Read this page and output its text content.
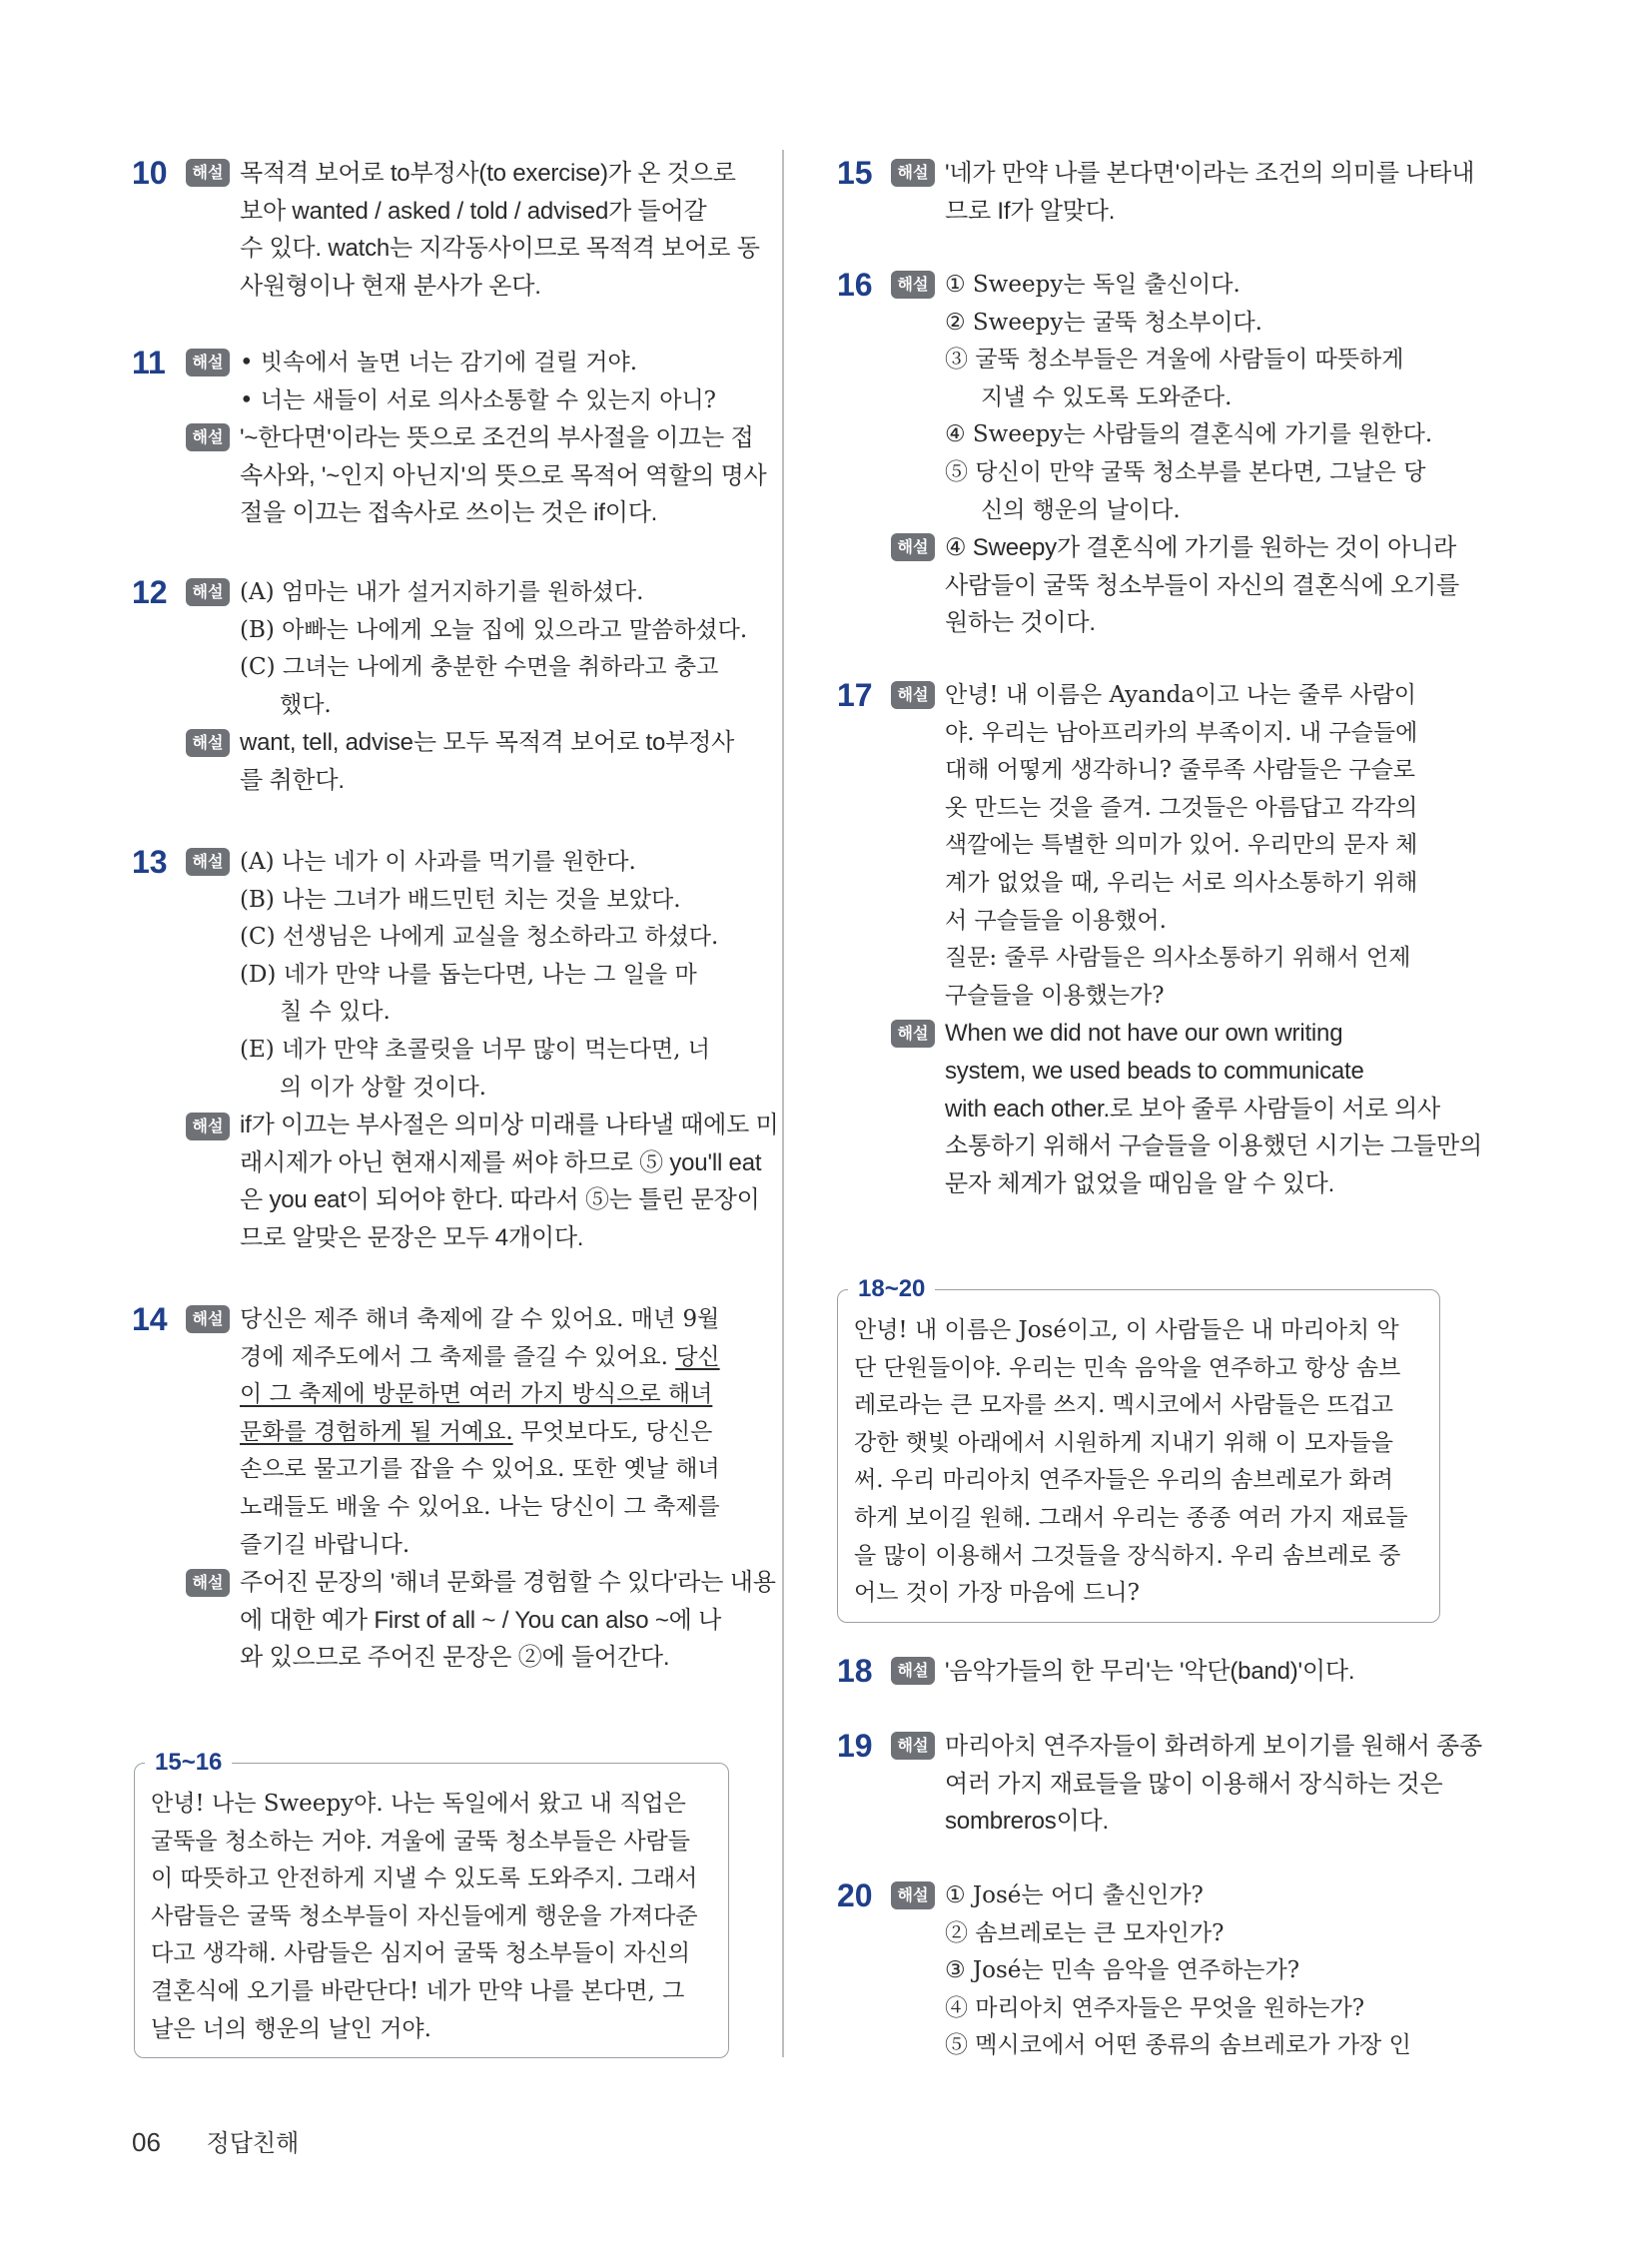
10	해설 목적격 보어로 to부정사(to exercise)가 온 것으로
보아 wanted / asked / told / advised가 들어갈
수 있다. watch는 지각동사이므로 목적격 보어로 동
사원형이나 현재 분사가 온다.
11	해설 • 빗속에서 놀면 너는 감기에 걸릴 거야.
• 너는 새들이 서로 의사소통할 수 있는지 아니?
해설 '~한다면'이라는 뜻으로 조건의 부사절을 이끄는 접
속사와, '~인지 아닌지'의 뜻으로 목적어 역할의 명사
절을 이끄는 접속사로 쓰이는 것은 if이다.
12	해설 (A) 엄마는 내가 설거지하기를 원하셨다.
(B) 아빠는 나에게 오늘 집에 있으라고 말씀하셨다.
(C) 그녀는 나에게 충분한 수면을 취하라고 충고
했다.
해설 want, tell, advise는 모두 목적격 보어로 to부정사
를 취한다.
13	해설 (A) 나는 네가 이 사과를 먹기를 원한다.
(B) 나는 그녀가 배드민턴 치는 것을 보았다.
(C) 선생님은 나에게 교실을 청소하라고 하셨다.
(D) 네가 만약 나를 돕는다면, 나는 그 일을 마
칠 수 있다.
(E) 네가 만약 초콜릿을 너무 많이 먹는다면, 너
의 이가 상할 것이다.
해설 if가 이끄는 부사절은 의미상 미래를 나타낼 때에도 미
래시제가 아닌 현재시제를 써야 하므로 ⑤ you'll eat
은 you eat이 되어야 한다. 따라서 ⑤는 틀린 문장이
므로 알맞은 문장은 모두 4개이다.
14	해설 당신은 제주 해녀 축제에 갈 수 있어요. 매년 9월
경에 제주도에서 그 축제를 즐길 수 있어요. 당신
이 그 축제에 방문하면 여러 가지 방식으로 해녀
문화를 경험하게 될 거예요. 무엇보다도, 당신은
손으로 물고기를 잡을 수 있어요. 또한 옛날 해녀
노래들도 배울 수 있어요. 나는 당신이 그 축제를
즐기길 바랍니다.
해설 주어진 문장의 '해녀 문화를 경험할 수 있다'라는 내용
에 대한 예가 First of all ~ / You can also ~에 나
와 있으므로 주어진 문장은 ②에 들어간다.
15~16
안녕! 나는 Sweepy야. 나는 독일에서 왔고 내 직업은
굴뚝을 청소하는 거야. 겨울에 굴뚝 청소부들은 사람들
이 따뜻하고 안전하게 지낼 수 있도록 도와주지. 그래서
사람들은 굴뚝 청소부들이 자신들에게 행운을 가져다준
다고 생각해. 사람들은 심지어 굴뚝 청소부들이 자신의
결혼식에 오기를 바란단다! 네가 만약 나를 본다면, 그
날은 너의 행운의 날인 거야.
15	해설 '네가 만약 나를 본다면'이라는 조건의 의미를 나타내
므로 If가 알맞다.
16	해설 ① Sweepy는 독일 출신이다.
② Sweepy는 굴뚝 청소부이다.
③ 굴뚝 청소부들은 겨울에 사람들이 따뜻하게
지낼 수 있도록 도와준다.
④ Sweepy는 사람들의 결혼식에 가기를 원한다.
⑤ 당신이 만약 굴뚝 청소부를 본다면, 그날은 당
신의 행운의 날이다.
해설 ④ Sweepy가 결혼식에 가기를 원하는 것이 아니라
사람들이 굴뚝 청소부들이 자신의 결혼식에 오기를
원하는 것이다.
17	해설 안녕! 내 이름은 Ayanda이고 나는 줄루 사람이
야. 우리는 남아프리카의 부족이지. 내 구슬들에
대해 어떻게 생각하니? 줄루족 사람들은 구슬로
옷 만드는 것을 즐겨. 그것들은 아름답고 각각의
색깔에는 특별한 의미가 있어. 우리만의 문자 체
계가 없었을 때, 우리는 서로 의사소통하기 위해
서 구슬들을 이용했어.
질문: 줄루 사람들은 의사소통하기 위해서 언제
구슬들을 이용했는가?
해설 When we did not have our own writing
system, we used beads to communicate
with each other.로 보아 줄루 사람들이 서로 의사
소통하기 위해서 구슬들을 이용했던 시기는 그들만의
문자 체계가 없었을 때임을 알 수 있다.
18~20
안녕! 내 이름은 José이고, 이 사람들은 내 마리아치 악
단 단원들이야. 우리는 민속 음악을 연주하고 항상 솜브
레로라는 큰 모자를 쓰지. 멕시코에서 사람들은 뜨겁고
강한 햇빛 아래에서 시원하게 지내기 위해 이 모자들을
써. 우리 마리아치 연주자들은 우리의 솜브레로가 화려
하게 보이길 원해. 그래서 우리는 종종 여러 가지 재료들
을 많이 이용해서 그것들을 장식하지. 우리 솜브레로 중
어느 것이 가장 마음에 드니?
18	해설 '음악가들의 한 무리'는 '악단(band)'이다.
19	해설 마리아치 연주자들이 화려하게 보이기를 원해서 종종
여러 가지 재료들을 많이 이용해서 장식하는 것은
sombreros이다.
20	해설 ① José는 어디 출신인가?
② 솜브레로는 큰 모자인가?
③ José는 민속 음악을 연주하는가?
④ 마리아치 연주자들은 무엇을 원하는가?
⑤ 멕시코에서 어떤 종류의 솜브레로가 가장 인
06 정답친해
